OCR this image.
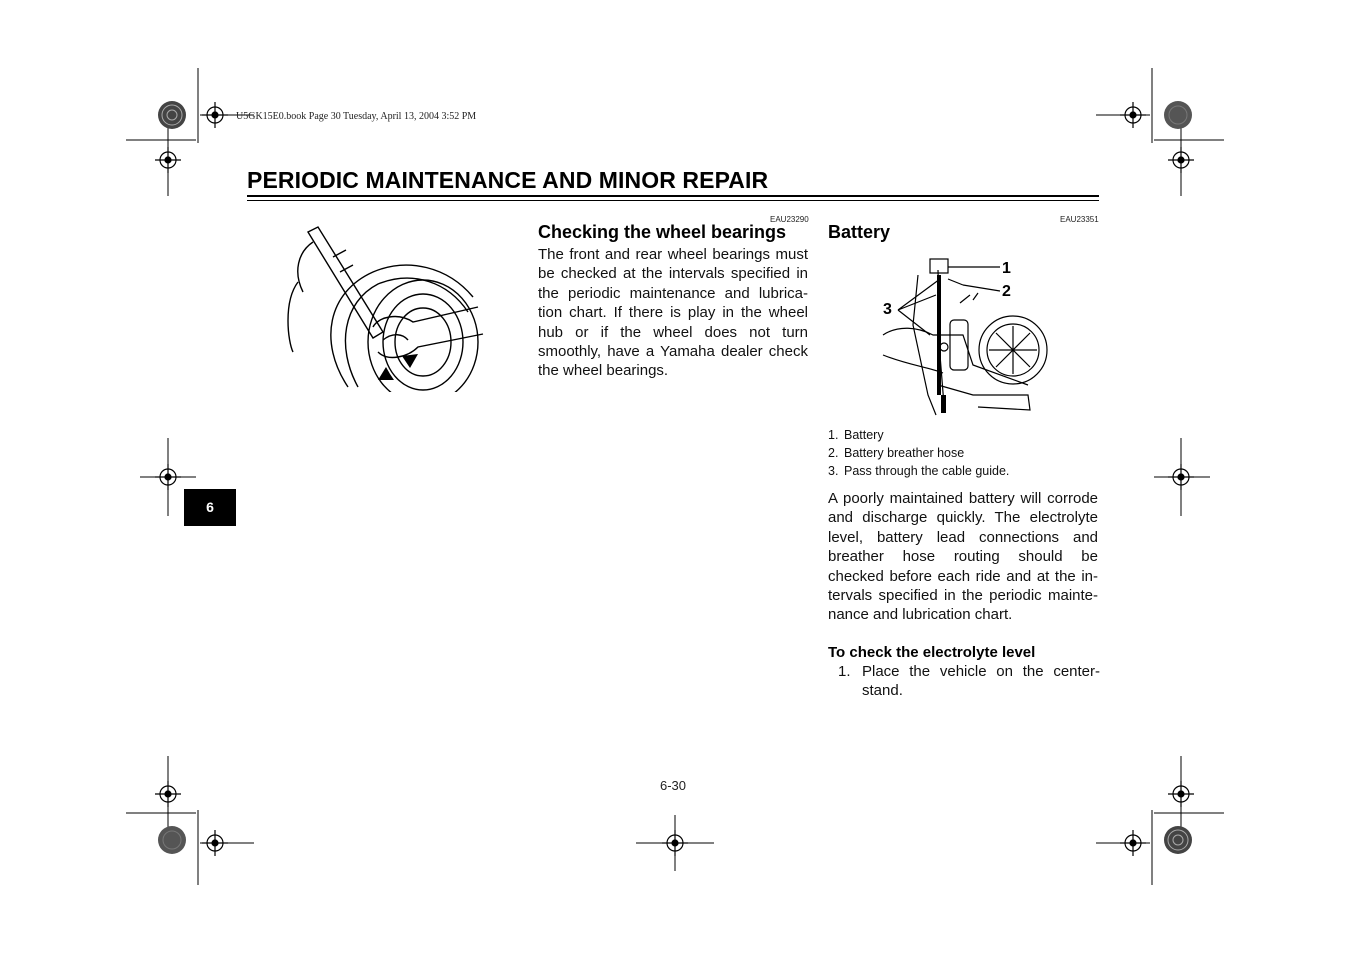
U5GK15E0.book Page 30 Tuesday, April 13, 2004 3:52 PM
PERIODIC MAINTENANCE AND MINOR REPAIR
6
EAU23290
Checking the wheel bearings
The front and rear wheel bearings must be checked at the intervals specified in the periodic maintenance and lubrica-tion chart. If there is play in the wheel hub or if the wheel does not turn smoothly, have a Yamaha dealer check the wheel bearings.
EAU23351
Battery
1
2
3
1. Battery
2. Battery breather hose
3. Pass through the cable guide.
A poorly maintained battery will corrode and discharge quickly. The electrolyte level, battery lead connections and breather hose routing should be checked before each ride and at the in-tervals specified in the periodic mainte-nance and lubrication chart.
To check the electrolyte level
1. Place the vehicle on the center-stand.
6-30
